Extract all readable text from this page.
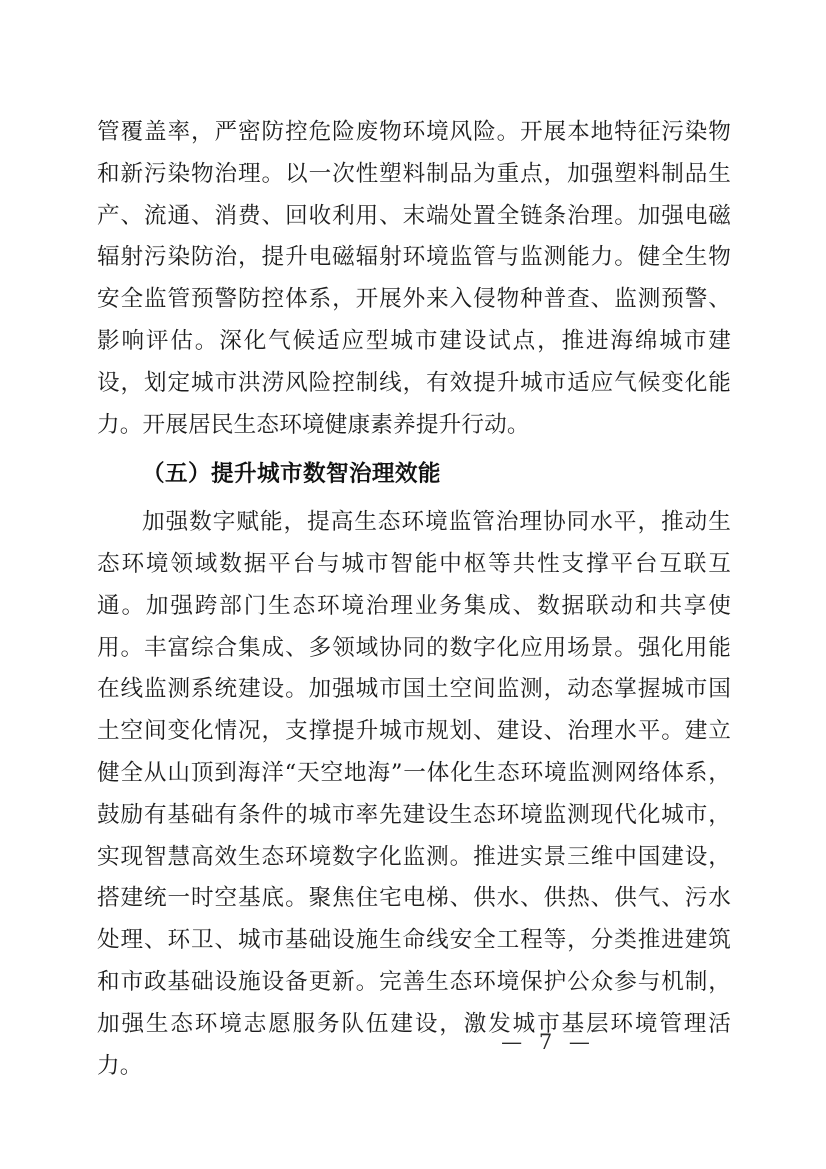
管覆盖率，严密防控危险废物环境风险。开展本地特征污染物和新污染物治理。以一次性塑料制品为重点，加强塑料制品生产、流通、消费、回收利用、末端处置全链条治理。加强电磁辐射污染防治，提升电磁辐射环境监管与监测能力。健全生物安全监管预警防控体系，开展外来入侵物种普查、监测预警、影响评估。深化气候适应型城市建设试点，推进海绵城市建设，划定城市洪涝风险控制线，有效提升城市适应气候变化能力。开展居民生态环境健康素养提升行动。

（五）提升城市数智治理效能

加强数字赋能，提高生态环境监管治理协同水平，推动生态环境领域数据平台与城市智能中枢等共性支撑平台互联互通。加强跨部门生态环境治理业务集成、数据联动和共享使用。丰富综合集成、多领域协同的数字化应用场景。强化用能在线监测系统建设。加强城市国土空间监测，动态掌握城市国土空间变化情况，支撑提升城市规划、建设、治理水平。建立健全从山顶到海洋“天空地海”一体化生态环境监测网络体系，鼓励有基础有条件的城市率先建设生态环境监测现代化城市，实现智慧高效生态环境数字化监测。推进实景三维中国建设，搭建统一时空基底。聚焦住宅电梯、供水、供热、供气、污水处理、环卫、城市基础设施生命线安全工程等，分类推进建筑和市政基础设施设备更新。完善生态环境保护公众参与机制，加强生态环境志愿服务队伍建设，激发城市基层环境管理活力。

— 7 —
